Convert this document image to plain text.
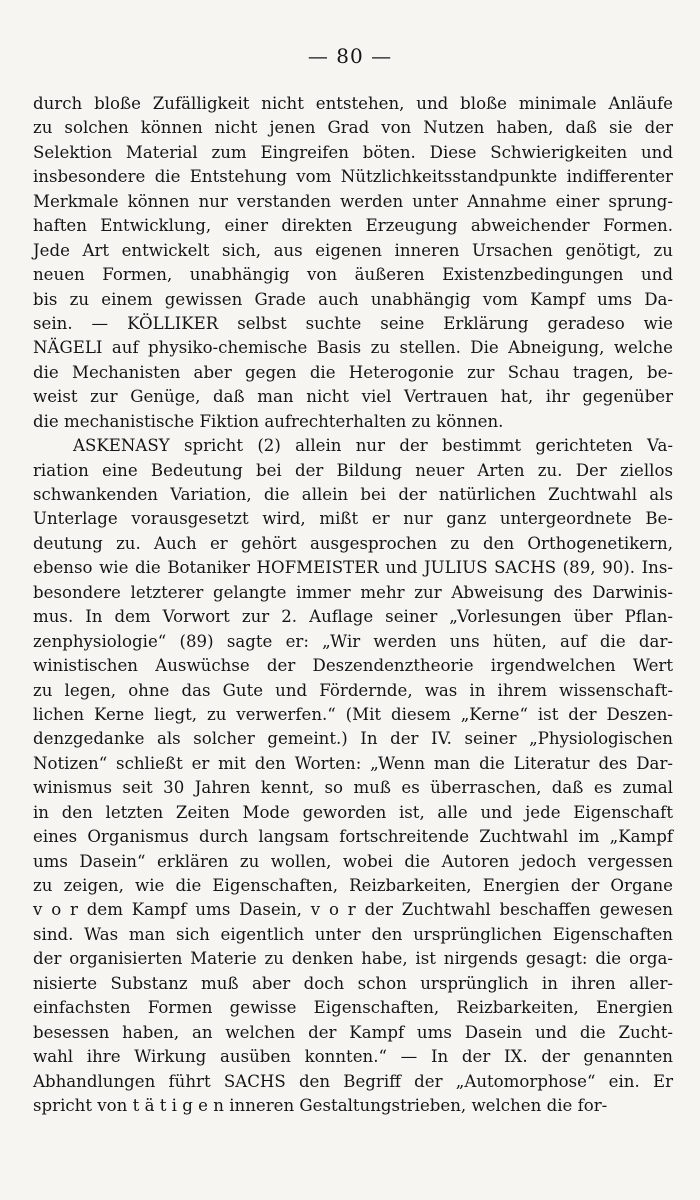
— 80 —
durch bloße Zufälligkeit nicht entstehen, und bloße minimale Anläufe
zu solchen können nicht jenen Grad von Nutzen haben, daß sie der
Selektion Material zum Eingreifen böten. Diese Schwierigkeiten und
insbesondere die Entstehung vom Nützlichkeitsstandpunkte indifferenter
Merkmale können nur verstanden werden unter Annahme einer sprung-
haften Entwicklung, einer direkten Erzeugung abweichender Formen.
Jede Art entwickelt sich, aus eigenen inneren Ursachen genötigt, zu
neuen Formen, unabhängig von äußeren Existenzbedingungen und
bis zu einem gewissen Grade auch unabhängig vom Kampf ums Da-
sein. — KÖLLIKER selbst suchte seine Erklärung geradeso wie
NÄGELI auf physiko-chemische Basis zu stellen. Die Abneigung, welche
die Mechanisten aber gegen die Heterogonie zur Schau tragen, be-
weist zur Genüge, daß man nicht viel Vertrauen hat, ihr gegenüber
die mechanistische Fiktion aufrechterhalten zu können.
ASKENASY spricht (2) allein nur der bestimmt gerichteten Va-
riation eine Bedeutung bei der Bildung neuer Arten zu. Der ziellos
schwankenden Variation, die allein bei der natürlichen Zuchtwahl als
Unterlage vorausgesetzt wird, mißt er nur ganz untergeordnete Be-
deutung zu. Auch er gehört ausgesprochen zu den Orthogenetikern,
ebenso wie die Botaniker HOFMEISTER und JULIUS SACHS (89, 90). Ins-
besondere letzterer gelangte immer mehr zur Abweisung des Darwinis-
mus. In dem Vorwort zur 2. Auflage seiner „Vorlesungen über Pflan-
zenphysiologie“ (89) sagte er: „Wir werden uns hüten, auf die dar-
winistischen Auswüchse der Deszendenztheorie irgendwelchen Wert
zu legen, ohne das Gute und Fördernde, was in ihrem wissenschaft-
lichen Kerne liegt, zu verwerfen.“ (Mit diesem „Kerne“ ist der Deszen-
denzgedanke als solcher gemeint.) In der IV. seiner „Physiologischen
Notizen“ schließt er mit den Worten: „Wenn man die Literatur des Dar-
winismus seit 30 Jahren kennt, so muß es überraschen, daß es zumal
in den letzten Zeiten Mode geworden ist, alle und jede Eigenschaft
eines Organismus durch langsam fortschreitende Zuchtwahl im „Kampf
ums Dasein“ erklären zu wollen, wobei die Autoren jedoch vergessen
zu zeigen, wie die Eigenschaften, Reizbarkeiten, Energien der Organe
v o r dem Kampf ums Dasein, v o r der Zuchtwahl beschaffen gewesen
sind. Was man sich eigentlich unter den ursprünglichen Eigenschaften
der organisierten Materie zu denken habe, ist nirgends gesagt: die orga-
nisierte Substanz muß aber doch schon ursprünglich in ihren aller-
einfachsten Formen gewisse Eigenschaften, Reizbarkeiten, Energien
besessen haben, an welchen der Kampf ums Dasein und die Zucht-
wahl ihre Wirkung ausüben konnten.“ — In der IX. der genannten
Abhandlungen führt SACHS den Begriff der „Automorphose“ ein. Er
spricht von t ä t i g e n inneren Gestaltungstrieben, welchen die for-
